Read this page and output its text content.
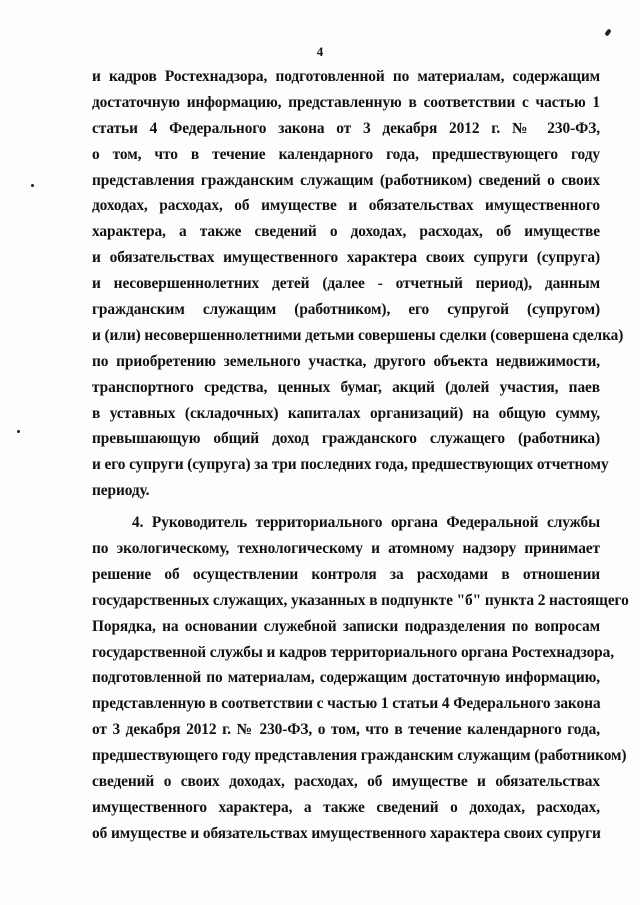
4
и кадров Ростехнадзора, подготовленной по материалам, содержащим
достаточную информацию, представленную в соответствии с частью 1
статьи 4 Федерального закона от 3 декабря 2012 г. № 230-ФЗ,
о том, что в течение календарного года, предшествующего году
представления гражданским служащим (работником) сведений о своих
доходах, расходах, об имуществе и обязательствах имущественного
характера, а также сведений о доходах, расходах, об имуществе
и обязательствах имущественного характера своих супруги (супруга)
и несовершеннолетних детей (далее - отчетный период), данным
гражданским служащим (работником), его супругой (супругом)
и (или) несовершеннолетними детьми совершены сделки (совершена сделка)
по приобретению земельного участка, другого объекта недвижимости,
транспортного средства, ценных бумаг, акций (долей участия, паев
в уставных (складочных) капиталах организаций) на общую сумму,
превышающую общий доход гражданского служащего (работника)
и его супруги (супруга) за три последних года, предшествующих отчетному
периоду.
4. Руководитель территориального органа Федеральной службы
по экологическому, технологическому и атомному надзору принимает
решение об осуществлении контроля за расходами в отношении
государственных служащих, указанных в подпункте "б" пункта 2 настоящего
Порядка, на основании служебной записки подразделения по вопросам
государственной службы и кадров территориального органа Ростехнадзора,
подготовленной по материалам, содержащим достаточную информацию,
представленную в соответствии с частью 1 статьи 4 Федерального закона
от 3 декабря 2012 г. № 230-ФЗ, о том, что в течение календарного года,
предшествующего году представления гражданским служащим (работником)
сведений о своих доходах, расходах, об имуществе и обязательствах
имущественного характера, а также сведений о доходах, расходах,
об имуществе и обязательствах имущественного характера своих супруги
